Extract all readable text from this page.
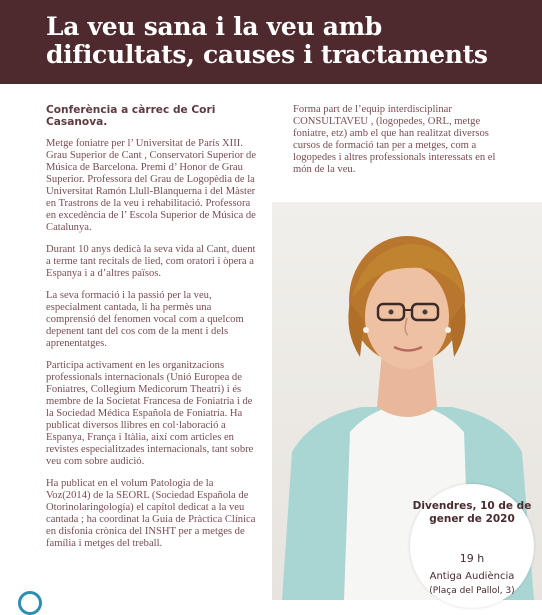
La veu sana i la veu amb dificultats, causes i tractaments
Conferència a càrrec de Cori Casanova.

Metge foniatre per l’ Universitat de París XIII. Grau Superior de Cant , Conservatori Superior de Música de Barcelona. Premi d’ Honor de Grau Superior. Professora del Grau de Logopèdia de la Universitat Ramón Llull-Blanquerna i del Màster en Trastrons de la veu i rehabilitació. Professora en excedència de l’ Escola Superior de Música de Catalunya.

Durant 10 anys dedicà la seva vida al Cant, duent a terme tant recitals de lied, com oratori i òpera a Espanya i a d’altres països.

La seva formació i la passió per la veu, especialment cantada, li ha permès una comprensió del fenomen vocal com a quelcom depenent tant del cos com de la ment i dels aprenentatges.

Participa activament en les organitzacions professionals internacionals (Unió Europea de Foniatres, Collegium Medicorum Theatri) i és membre de la Societat Francesa de Foniatria i de la Sociedad Médica Española de Foniatría. Ha publicat diversos llibres en col·laboració a Espanya, França i Itàlia, així com articles en revistes especialitzades internacionals, tant sobre veu com sobre audició.

Ha publicat en el volum Patologia de la Voz(2014) de la SEORL (Sociedad Española de Otorinolaringología) el capítol dedicat a la veu cantada ; ha coordinat la Guia de Pràctica Clínica en disfonia crònica del INSHT per a metges de família i metges del treball.

Forma part de l’equip interdisciplinar CONSULTAVEU , (logopedes, ORL, metge foniatre, etz) amb el que han realitzat diversos cursos de formació tan per a metges, com a logopedes i altres professionals interessats en el món de la veu.

Divendres, 10 de de gener de 2020
19 h
Antiga Audiència
(Plaça del Pallol, 3)
